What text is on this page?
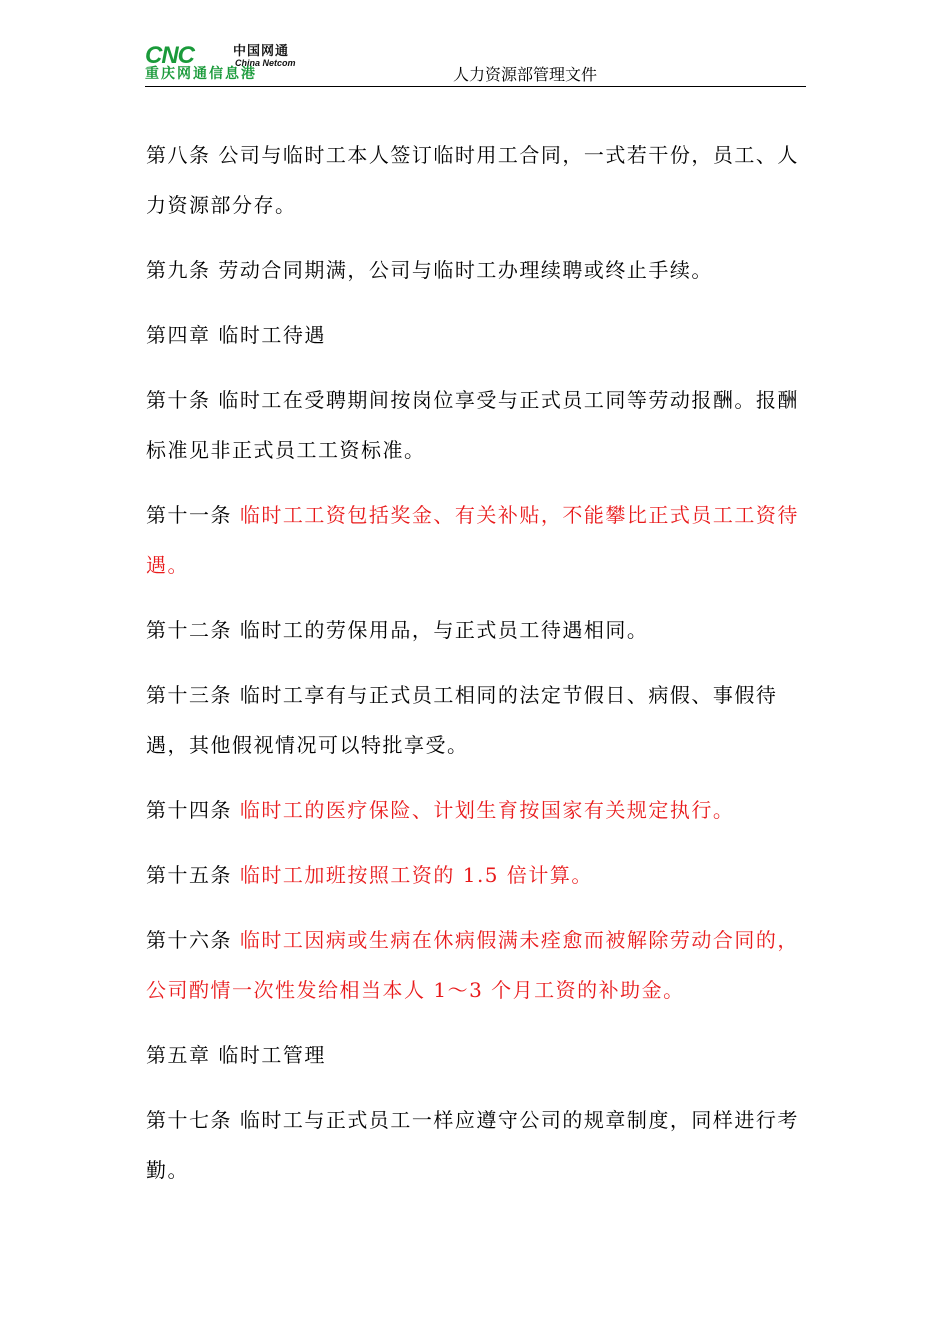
CNC	中国网通
China Netcom
重庆网通信息港	人力资源部管理文件

第八条 公司与临时工本人签订临时用工合同，一式若干份，员工、人力资源部分存。

第九条 劳动合同期满，公司与临时工办理续聘或终止手续。

第四章 临时工待遇

第十条 临时工在受聘期间按岗位享受与正式员工同等劳动报酬。报酬标准见非正式员工工资标准。

第十一条 临时工工资包括奖金、有关补贴，不能攀比正式员工工资待遇。

第十二条 临时工的劳保用品，与正式员工待遇相同。

第十三条 临时工享有与正式员工相同的法定节假日、病假、事假待遇，其他假视情况可以特批享受。

第十四条 临时工的医疗保险、计划生育按国家有关规定执行。

第十五条 临时工加班按照工资的 1.5 倍计算。

第十六条 临时工因病或生病在休病假满未痊愈而被解除劳动合同的，公司酌情一次性发给相当本人 1～3 个月工资的补助金。

第五章 临时工管理

第十七条 临时工与正式员工一样应遵守公司的规章制度，同样进行考勤。
